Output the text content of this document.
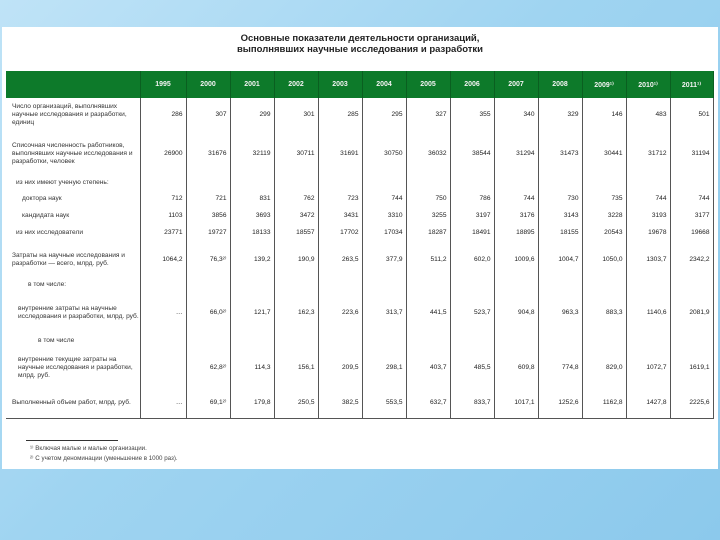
Основные показатели деятельности организаций,
выполнявших научные исследования и разработки
	1995	2000	2001	2002	2003	2004	2005	2006	2007	2008	2009¹⁾	2010¹⁾	2011¹⁾
Число организаций, выполнявших научные исследования и разработки, единиц	286	307	299	301	285	295	327	355	340	329	146	483	501
Списочная численность работников, выполнявших научные исследования и разработки, человек	26900	31676	32119	30711	31691	30750	36032	38544	31294	31473	30441	31712	31194
из них имеют ученую степень:													
доктора наук	712	721	831	762	723	744	750	786	744	730	735	744	744
кандидата наук	1103	3856	3693	3472	3431	3310	3255	3197	3176	3143	3228	3193	3177
из них исследователи	23771	19727	18133	18557	17702	17034	18287	18491	18895	18155	20543	19678	19668
Затраты на научные исследования и разработки — всего, млрд. руб.	1064,2	76,3²⁾	139,2	190,9	263,5	377,9	511,2	602,0	1009,6	1004,7	1050,0	1303,7	2342,2
в том числе:													
внутренние затраты на научные исследования и разработки, млрд. руб.	…	66,0²⁾	121,7	162,3	223,6	313,7	441,5	523,7	904,8	963,3	883,3	1140,6	2081,9
в том числе													
внутренние текущие затраты на научные исследования и разработки, млрд. руб.		62,8²⁾	114,3	156,1	209,5	298,1	403,7	485,5	609,8	774,8	829,0	1072,7	1619,1
Выполненный объем работ, млрд. руб.	…	69,1²⁾	179,8	250,5	382,5	553,5	632,7	833,7	1017,1	1252,6	1162,8	1427,8	2225,6
¹⁾ Включая малые и малые организации.
²⁾ С учетом деноминации (уменьшение в 1000 раз).
